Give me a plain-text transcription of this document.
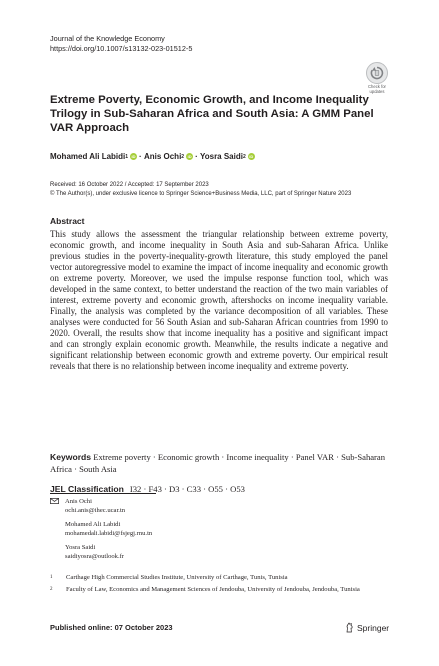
Journal of the Knowledge Economy
https://doi.org/10.1007/s13132-023-01512-5
Check for
updates
Extreme Poverty, Economic Growth, and Income Inequality Trilogy in Sub-Saharan Africa and South Asia: A GMM Panel VAR Approach
Mohamed Ali Labidi 1 iD ·
Anis Ochi 2 iD ·
Yosra Saidi 2 iD
Received: 16 October 2022 / Accepted: 17 September 2023
© The Author(s), under exclusive licence to Springer Science+Business Media, LLC, part of Springer Nature 2023
Abstract

This study allows the assessment the triangular relationship between extreme poverty, economic growth, and income inequality in South Asia and sub-Saharan Africa. Unlike previous studies in the poverty-inequality-growth literature, this study employed the panel vector autoregressive model to examine the impact of income inequality and economic growth on extreme poverty. Moreover, we used the impulse response function tool, which was developed in the same context, to better understand the reaction of the two main variables of interest, extreme poverty and economic growth, aftershocks on income inequality variable. Finally, the analysis was completed by the variance decomposition of all variables. These analyses were conducted for 56 South Asian and sub-Saharan African countries from 1990 to 2020. Overall, the results show that income inequality has a positive and significant impact and can strongly explain economic growth. Meanwhile, the results indicate a negative and significant relationship between economic growth and extreme poverty. Our empirical result reveals that there is no relationship between income inequality and extreme poverty.

Keywords Extreme poverty · Economic growth · Income inequality · Panel VAR · Sub-Saharan Africa · South Asia
JEL Classification I32 · F43 · D3 · C33 · O55 · O53
Anis Ochi
ochi.anis@ihec.ucar.tn
Mohamed Ali Labidi
mohamedali.labidi@fsjegj.rnu.tn
Yosra Saidi
saidiyosra@outlook.fr
1	Carthage High Commercial Studies Institute, University of Carthage, Tunis, Tunisia
2	Faculty of Law, Economics and Management Sciences of Jendouba, University of Jendouba, Jendouba, Tunisia
Published online: 07 October 2023	Springer
